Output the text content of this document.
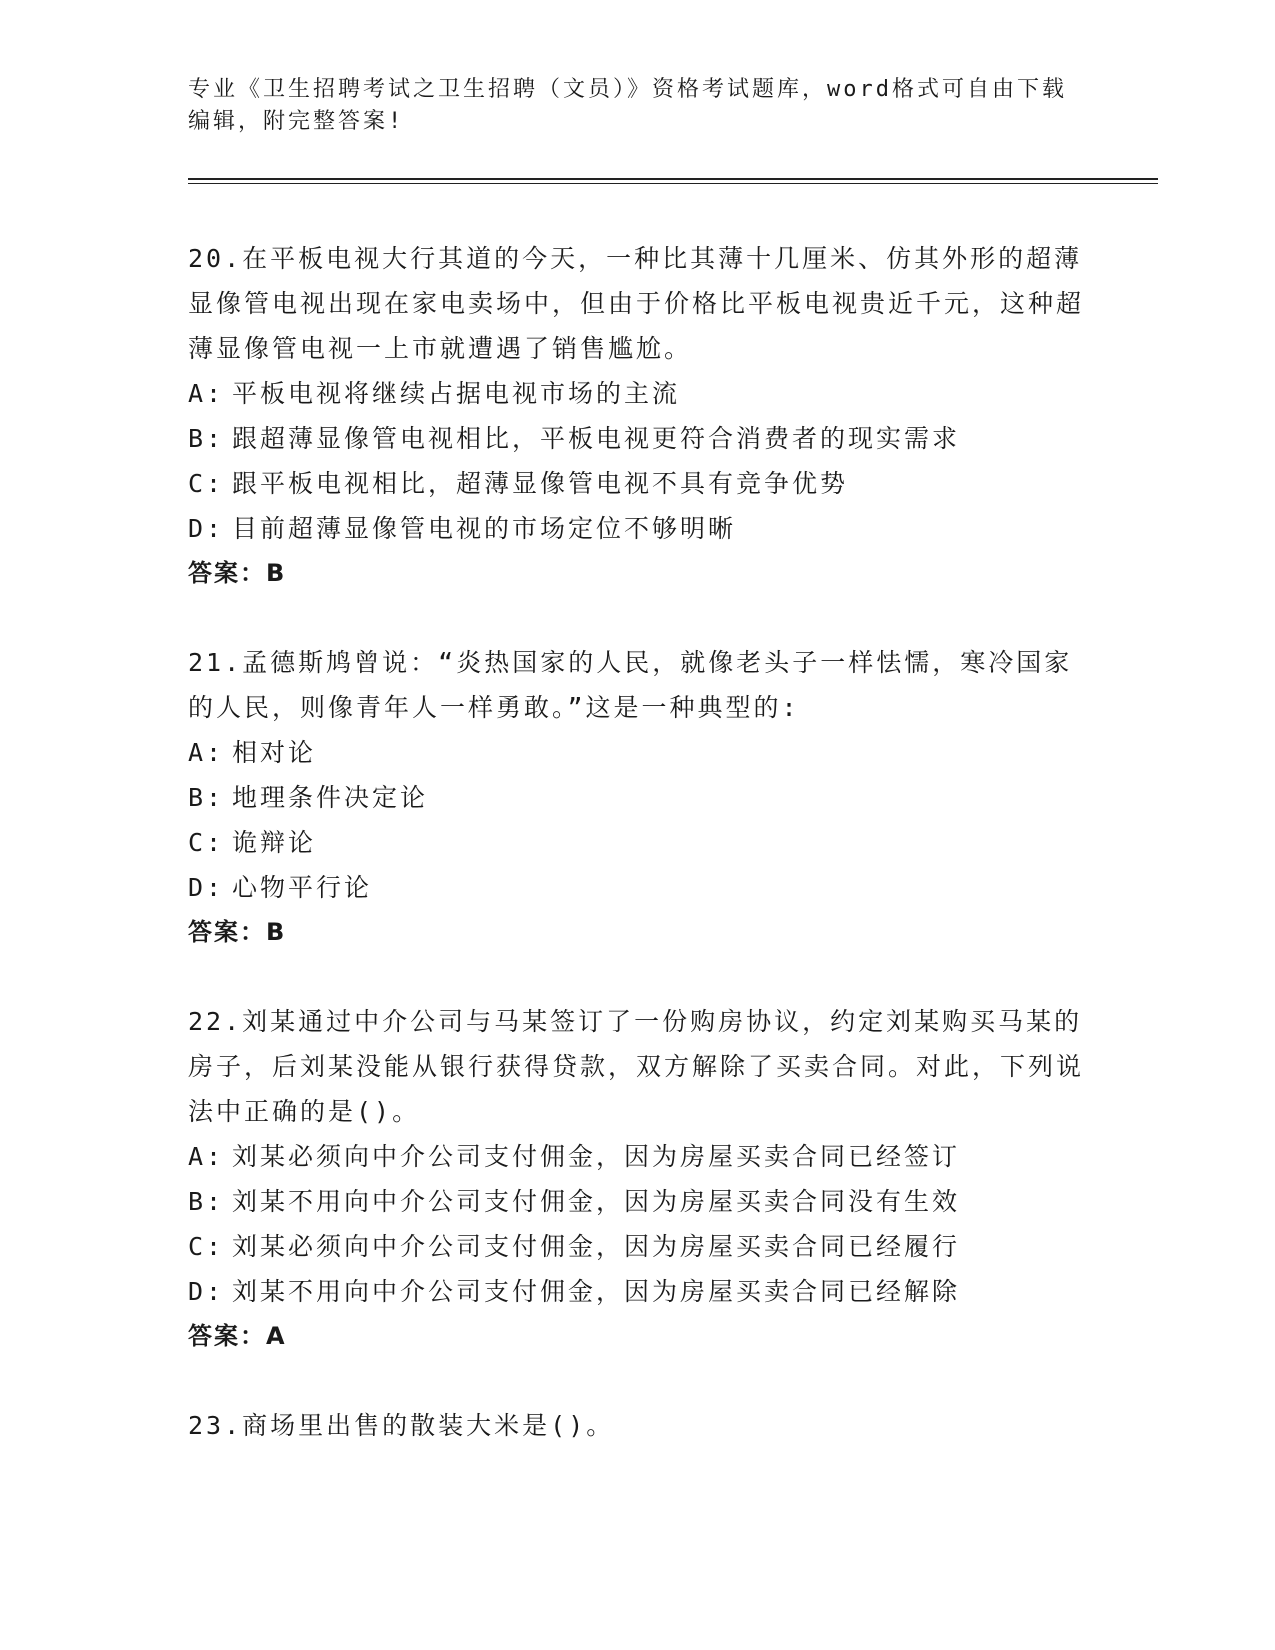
专业《卫生招聘考试之卫生招聘（文员）》资格考试题库，word格式可自由下载编辑，附完整答案!
20.在平板电视大行其道的今天，一种比其薄十几厘米、仿其外形的超薄显像管电视出现在家电卖场中，但由于价格比平板电视贵近千元，这种超薄显像管电视一上市就遭遇了销售尴尬。
A: 平板电视将继续占据电视市场的主流
B: 跟超薄显像管电视相比，平板电视更符合消费者的现实需求
C: 跟平板电视相比，超薄显像管电视不具有竞争优势
D: 目前超薄显像管电视的市场定位不够明晰
答案：B
21.孟德斯鸠曾说：“炎热国家的人民，就像老头子一样怯懦，寒冷国家的人民，则像青年人一样勇敢。”这是一种典型的:
A: 相对论
B: 地理条件决定论
C: 诡辩论
D: 心物平行论
答案：B
22.刘某通过中介公司与马某签订了一份购房协议，约定刘某购买马某的房子，后刘某没能从银行获得贷款，双方解除了买卖合同。对此，下列说法中正确的是()。
A: 刘某必须向中介公司支付佣金，因为房屋买卖合同已经签订
B: 刘某不用向中介公司支付佣金，因为房屋买卖合同没有生效
C: 刘某必须向中介公司支付佣金，因为房屋买卖合同已经履行
D: 刘某不用向中介公司支付佣金，因为房屋买卖合同已经解除
答案：A
23.商场里出售的散装大米是()。
